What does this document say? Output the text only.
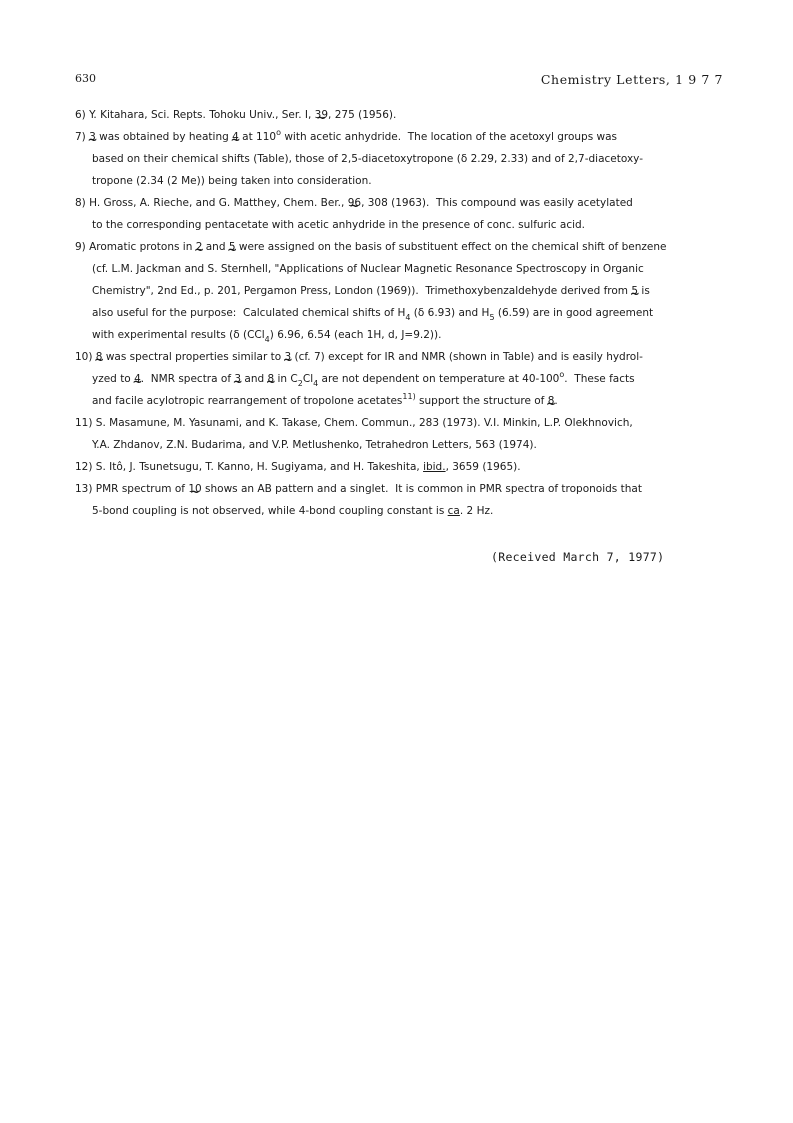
630	Chemistry Letters, 1 9 7 7
6) Y. Kitahara, Sci. Repts. Tohoku Univ., Ser. I, 39 ~, 275 (1956).
7) 3 ~ was obtained by heating 4 ~ at 110$^o$ with acetic anhydride.  The location of the acetoxyl groups was
based on their chemical shifts (Table), those of 2,5-diacetoxytropone (δ 2.29, 2.33) and of 2,7-diacetoxy-
tropone (2.34 (2 Me)) being taken into consideration.
8) H. Gross, A. Rieche, and G. Matthey, Chem. Ber., 96 ~, 308 (1963).  This compound was easily acetylated
to the corresponding pentacetate with acetic anhydride in the presence of conc. sulfuric acid.
9) Aromatic protons in 2 ~ and 5 ~ were assigned on the basis of substituent effect on the chemical shift of benzene
(cf. L.M. Jackman and S. Sternhell, "Applications of Nuclear Magnetic Resonance Spectroscopy in Organic
Chemistry", 2nd Ed., p. 201, Pergamon Press, London (1969)).  Trimethoxybenzaldehyde derived from 5 ~ is
also useful for the purpose:  Calculated chemical shifts of $H_4$ (δ 6.93) and $H_5$ (6.59) are in good agreement
with experimental results (δ (CCl$_4$) 6.96, 6.54 (each 1H, d, J=9.2)).
10) 8 ~ was spectral properties similar to 3 ~ (cf. 7) except for IR and NMR (shown in Table) and is easily hydrol-
yzed to 4 ~.  NMR spectra of 3 ~ and 8 ~ in $C_2Cl_4$ are not dependent on temperature at 40-100$^o$.  These facts
and facile acylotropic rearrangement of tropolone acetates$^{11)}$ support the structure of 8 ~.
11) S. Masamune, M. Yasunami, and K. Takase, Chem. Commun., 283 (1973). V.I. Minkin, L.P. Olekhnovich,
Y.A. Zhdanov, Z.N. Budarima, and V.P. Metlushenko, Tetrahedron Letters, 563 (1974).
12) S. Itô, J. Tsunetsugu, T. Kanno, H. Sugiyama, and H. Takeshita, ibid., 3659 (1965).
13) PMR spectrum of 10 ~ shows an AB pattern and a singlet.  It is common in PMR spectra of troponoids that
5-bond coupling is not observed, while 4-bond coupling constant is ca. 2 Hz.
(Received March 7, 1977)
